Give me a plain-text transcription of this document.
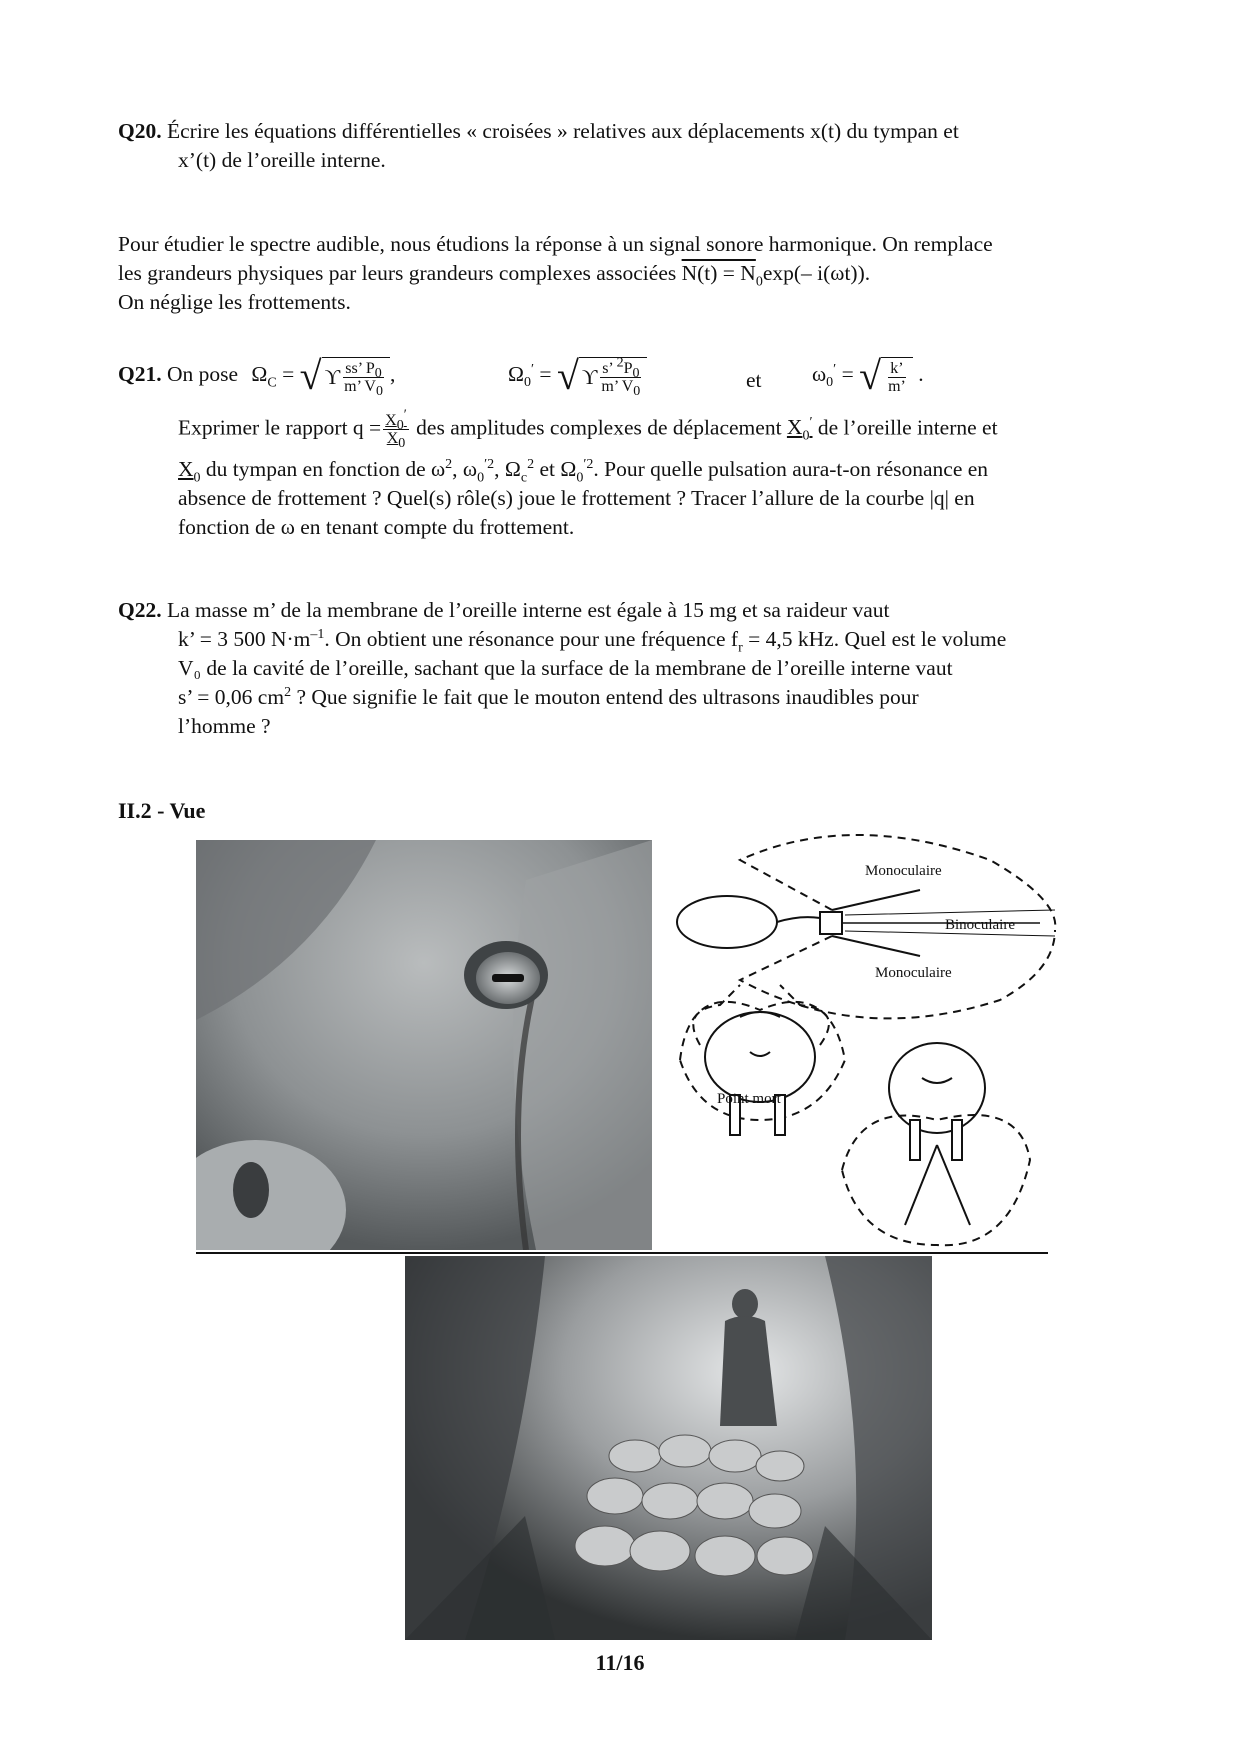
Q20. Écrire les équations différentielles « croisées » relatives aux déplacements x(t) du tympan et
x’(t) de l’oreille interne.
Pour étudier le spectre audible, nous étudions la réponse à un signal sonore harmonique. On remplace
les grandeurs physiques par leurs grandeurs complexes associées $N(t) = N_0\exp(-$ i(ωt)).
On néglige les frottements.
Q21. On pose $\Omega_C$ = √ ϒ $\frac{ss’ P_0}{m’ V_0}$ ,	$\Omega_0'$ = √ ϒ $\frac{s’ ^2P_0}{m’ V_0}$	et $\omega_0'$ = √ $\frac{k’}{m’}$ .
Exprimer le rapport $q = \frac{X_0'}{X_0}$ des amplitudes complexes de déplacement $X_0'$ de l’oreille interne et
$X_0$ du tympan en fonction de $\omega^2$, $\omega_0^{'2}$, $\Omega_c^2$ et $\Omega_0^{'2}$. Pour quelle pulsation aura-t-on résonance en
absence de frottement ? Quel(s) rôle(s) joue le frottement ? Tracer l’allure de la courbe |q| en
fonction de ω en tenant compte du frottement.
Q22. La masse m’ de la membrane de l’oreille interne est égale à 15 mg et sa raideur vaut
k’ = 3 500 $N\cdot m^{-1}$. On obtient une résonance pour une fréquence $f_r = 4,5$ kHz. Quel est le volume
V₀ de la cavité de l’oreille, sachant que la surface de la membrane de l’oreille interne vaut
s’ = 0,06 $cm^2$ ? Que signifie le fait que le mouton entend des ultrasons inaudibles pour
l’homme ?
II.2 - Vue
Monoculaire
Binoculaire
Monoculaire
Point mort
11/16
